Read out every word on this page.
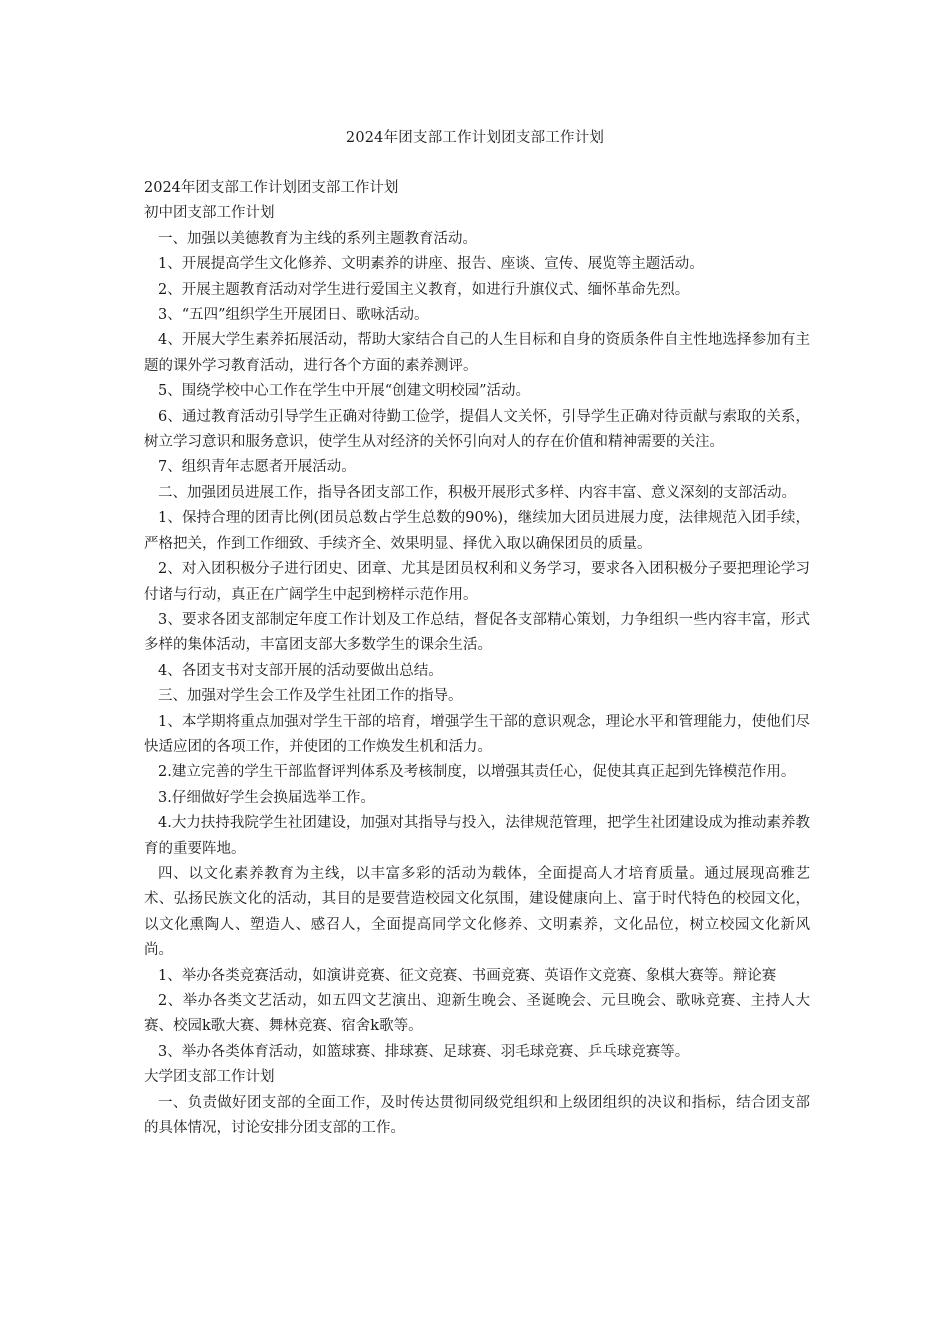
2024年团支部工作计划团支部工作计划

2024年团支部工作计划团支部工作计划

初中团支部工作计划

一、加强以美德教育为主线的系列主题教育活动。

1、开展提高学生文化修养、文明素养的讲座、报告、座谈、宣传、展览等主题活动。

2、开展主题教育活动对学生进行爱国主义教育，如进行升旗仪式、缅怀革命先烈。

3、“五四”组织学生开展团日、歌咏活动。

4、开展大学生素养拓展活动，帮助大家结合自己的人生目标和自身的资质条件自主性地选择参加有主题的课外学习教育活动，进行各个方面的素养测评。

5、围绕学校中心工作在学生中开展“创建文明校园”活动。

6、通过教育活动引导学生正确对待勤工俭学，提倡人文关怀，引导学生正确对待贡献与索取的关系，树立学习意识和服务意识，使学生从对经济的关怀引向对人的存在价值和精神需要的关注。

7、组织青年志愿者开展活动。

二、加强团员进展工作，指导各团支部工作，积极开展形式多样、内容丰富、意义深刻的支部活动。

1、保持合理的团青比例(团员总数占学生总数的90%)，继续加大团员进展力度，法律规范入团手续，严格把关，作到工作细致、手续齐全、效果明显、择优入取以确保团员的质量。

2、对入团积极分子进行团史、团章、尤其是团员权利和义务学习，要求各入团积极分子要把理论学习付诸与行动，真正在广阔学生中起到榜样示范作用。

3、要求各团支部制定年度工作计划及工作总结，督促各支部精心策划，力争组织一些内容丰富，形式多样的集体活动，丰富团支部大多数学生的课余生活。

4、各团支书对支部开展的活动要做出总结。

三、加强对学生会工作及学生社团工作的指导。

1、本学期将重点加强对学生干部的培育，增强学生干部的意识观念，理论水平和管理能力，使他们尽快适应团的各项工作，并使团的工作焕发生机和活力。

2.建立完善的学生干部监督评判体系及考核制度，以增强其责任心，促使其真正起到先锋模范作用。

3.仔细做好学生会换届选举工作。

4.大力扶持我院学生社团建设，加强对其指导与投入，法律规范管理，把学生社团建设成为推动素养教育的重要阵地。

四、以文化素养教育为主线，以丰富多彩的活动为载体，全面提高人才培育质量。通过展现高雅艺术、弘扬民族文化的活动，其目的是要营造校园文化氛围，建设健康向上、富于时代特色的校园文化，以文化熏陶人、塑造人、感召人，全面提高同学文化修养、文明素养，文化品位，树立校园文化新风尚。

1、举办各类竞赛活动，如演讲竞赛、征文竞赛、书画竞赛、英语作文竞赛、象棋大赛等。辩论赛

2、举办各类文艺活动，如五四文艺演出、迎新生晚会、圣诞晚会、元旦晚会、歌咏竞赛、主持人大赛、校园k歌大赛、舞林竞赛、宿舍k歌等。

3、举办各类体育活动，如篮球赛、排球赛、足球赛、羽毛球竞赛、乒乓球竞赛等。

大学团支部工作计划

一、负责做好团支部的全面工作，及时传达贯彻同级党组织和上级团组织的决议和指标，结合团支部的具体情况，讨论安排分团支部的工作。
